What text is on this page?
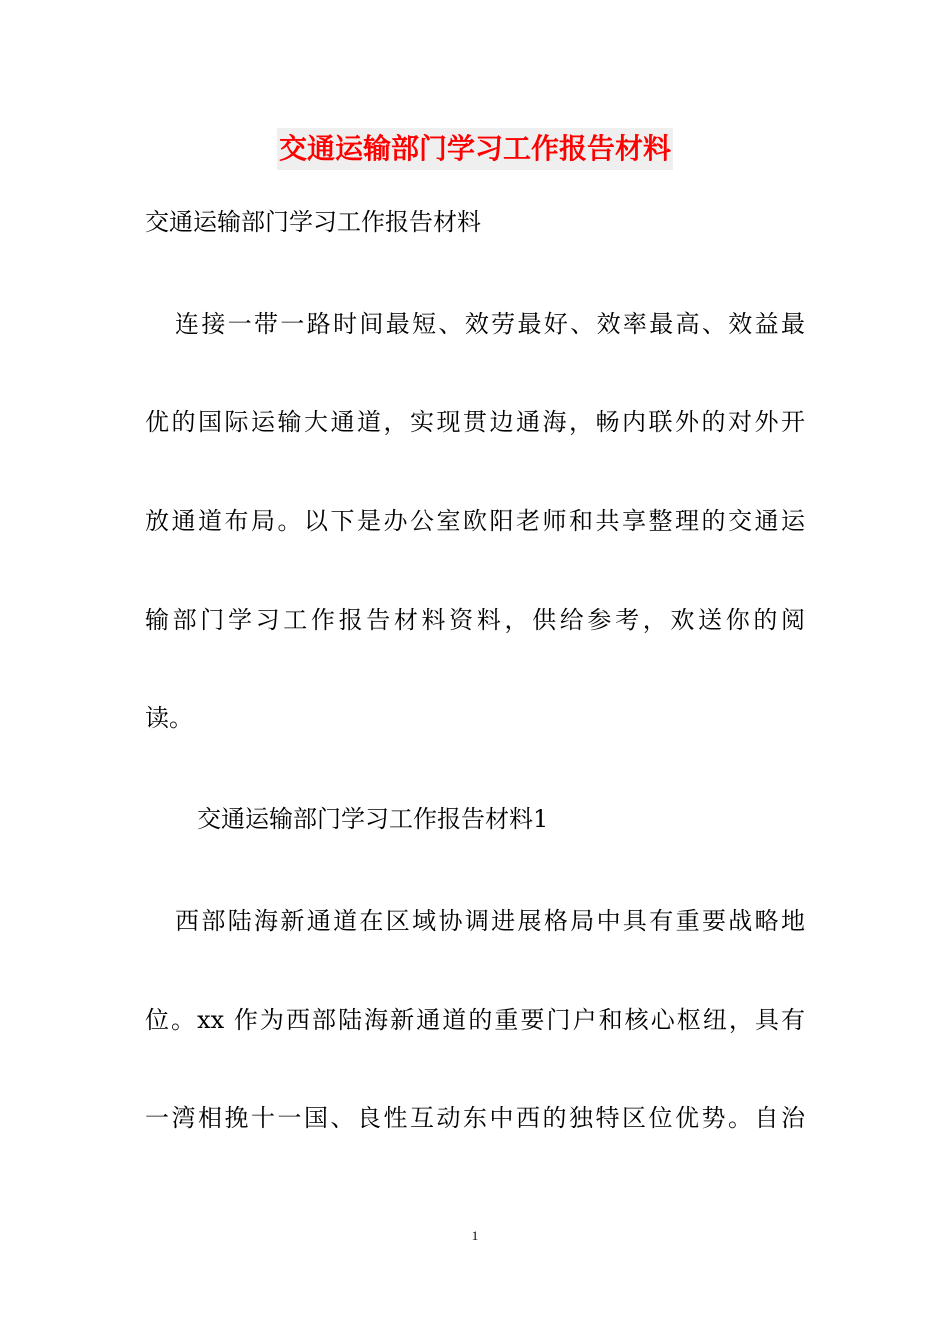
交通运输部门学习工作报告材料
交通运输部门学习工作报告材料
连接一带一路时间最短、效劳最好、效率最高、效益最
优的国际运输大通道，实现贯边通海，畅内联外的对外开
放通道布局。以下是办公室欧阳老师和共享整理的交通运
输部门学习工作报告材料资料，供给参考，欢送你的阅
读。
交通运输部门学习工作报告材料1
西部陆海新通道在区域协调进展格局中具有重要战略地
位。xx 作为西部陆海新通道的重要门户和核心枢纽，具有
一湾相挽十一国、良性互动东中西的独特区位优势。自治
1
